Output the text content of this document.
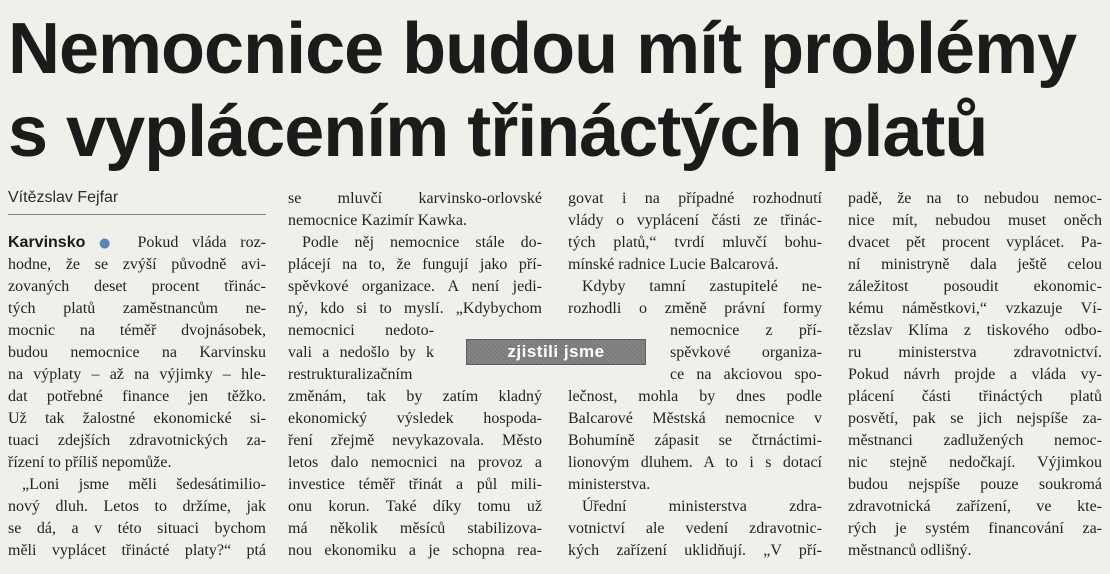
Nemocnice budou mít problémy
s vyplácením třináctých platů
Vítězslav Fejfar
Karvinsko ● Pokud vláda roz-
hodne, že se zvýší původně avi-
zovaných deset procent třinác-
tých platů zaměstnancům ne-
mocnic na téměř dvojnásobek,
budou nemocnice na Karvinsku
na výplaty – až na výjimky – hle-
dat potřebné finance jen těžko.
Už tak žalostné ekonomické si-
tuaci zdejších zdravotnických za-
řízení to příliš nepomůže.
„Loni jsme měli šedesátimilio-
nový dluh. Letos to držíme, jak
se dá, a v této situaci bychom
měli vyplácet třinácté platy?“ ptá
se mluvčí karvinsko-orlovské
nemocnice Kazimír Kawka.
Podle něj nemocnice stále do-
plácejí na to, že fungují jako pří-
spěvkové organizace. A není jedi-
ný, kdo si to myslí. „Kdybychom
nemocnici nedoto-
vali a nedošlo by k
restrukturalizačním
změnám, tak by zatím kladný
ekonomický výsledek hospoda-
ření zřejmě nevykazovala. Město
letos dalo nemocnici na provoz a
investice téměř třinát a půl mili-
onu korun. Také díky tomu už
má několik měsíců stabilizova-
nou ekonomiku a je schopna rea-
govat i na případné rozhodnutí
vlády o vyplácení části ze třinác-
tých platů,“ tvrdí mluvčí bohu-
mínské radnice Lucie Balcarová.
Kdyby tamní zastupitelé ne-
rozhodli o změně právní formy
nemocnice z pří-
spěvkové organiza-
ce na akciovou spo-
lečnost, mohla by dnes podle
Balcarové Městská nemocnice v
Bohumíně zápasit se čtrnáctimi-
lionovým dluhem. A to i s dotací
ministerstva.
Úřední ministerstva zdra-
votnictví ale vedení zdravotnic-
kých zařízení uklidňují. „V pří-
padě, že na to nebudou nemoc-
nice mít, nebudou muset oněch
dvacet pět procent vyplácet. Pa-
ní ministryně dala ještě celou
záležitost posoudit ekonomic-
kému náměstkovi,“ vzkazuje Ví-
tězslav Klíma z tiskového odbo-
ru ministerstva zdravotnictví.
Pokud návrh projde a vláda vy-
plácení části třináctých platů
posvětí, pak se jich nejspíše za-
městnanci zadlužených nemoc-
nic stejně nedočkají. Výjimkou
budou nejspíše pouze soukromá
zdravotnická zařízení, ve kte-
rých je systém financování za-
městnanců odlišný.
zjistili jsme
